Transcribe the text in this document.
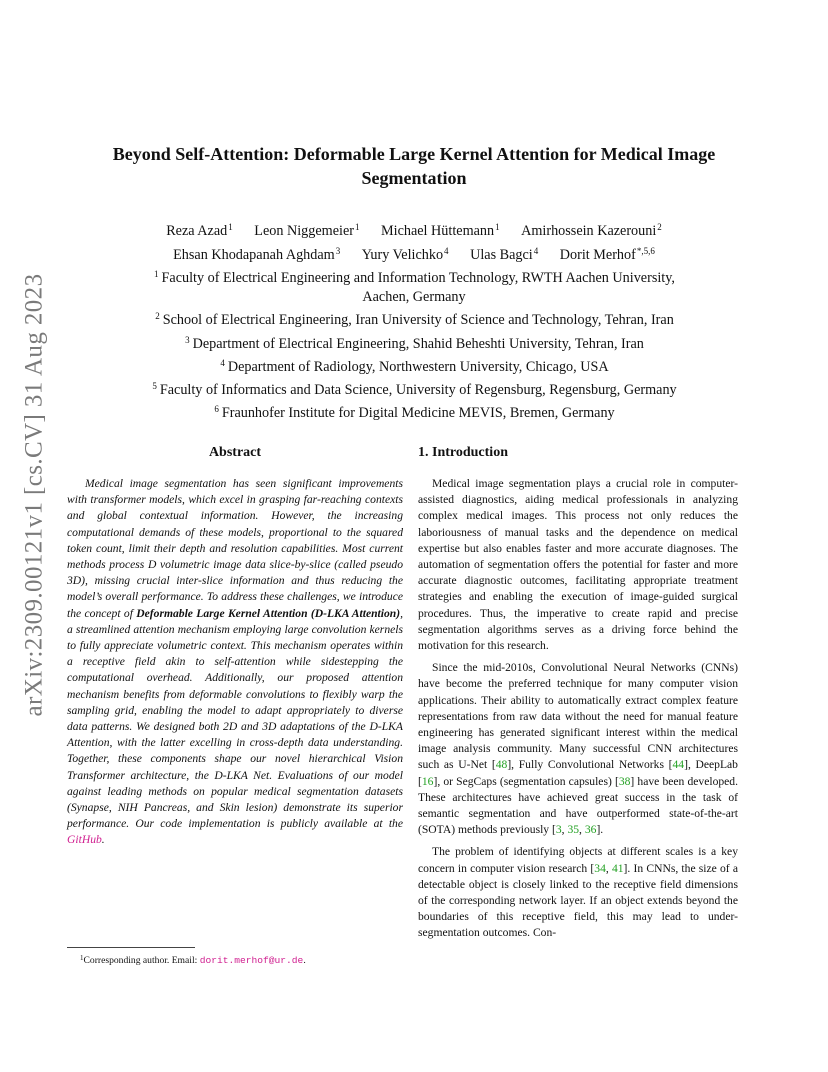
arXiv:2309.00121v1 [cs.CV] 31 Aug 2023
Beyond Self-Attention: Deformable Large Kernel Attention for Medical Image
Segmentation
Reza Azad$^1$ Leon Niggemeier$^1$ Michael Hüttemann$^1$ Amirhossein Kazerouni$^2$
Ehsan Khodapanah Aghdam$^3$ Yury Velichko$^4$ Ulas Bagci$^4$ Dorit Merhof$^{*,5,6}$
$^1$ Faculty of Electrical Engineering and Information Technology, RWTH Aachen University,
Aachen, Germany
$^2$ School of Electrical Engineering, Iran University of Science and Technology, Tehran, Iran
$^3$ Department of Electrical Engineering, Shahid Beheshti University, Tehran, Iran
$^4$ Department of Radiology, Northwestern University, Chicago, USA
$^5$ Faculty of Informatics and Data Science, University of Regensburg, Regensburg, Germany
$^6$ Fraunhofer Institute for Digital Medicine MEVIS, Bremen, Germany
Abstract

Medical image segmentation has seen significant improvements with transformer models, which excel in grasping far-reaching contexts and global contextual information. However, the increasing computational demands of these models, proportional to the squared token count, limit their depth and resolution capabilities. Most current methods process D volumetric image data slice-by-slice (called pseudo 3D), missing crucial inter-slice information and thus reducing the model’s overall performance. To address these challenges, we introduce the concept of Deformable Large Kernel Attention (D-LKA Attention), a streamlined attention mechanism employing large convolution kernels to fully appreciate volumetric context. This mechanism operates within a receptive field akin to self-attention while sidestepping the computational overhead. Additionally, our proposed attention mechanism benefits from deformable convolutions to flexibly warp the sampling grid, enabling the model to adapt appropriately to diverse data patterns. We designed both 2D and 3D adaptations of the D-LKA Attention, with the latter excelling in cross-depth data understanding. Together, these components shape our novel hierarchical Vision Transformer architecture, the D-LKA Net. Evaluations of our model against leading methods on popular medical segmentation datasets (Synapse, NIH Pancreas, and Skin lesion) demonstrate its superior performance. Our code implementation is publicly available at the GitHub.

$^1$Corresponding author. Email: dorit.merhof@ur.de.
1. Introduction

Medical image segmentation plays a crucial role in computer-assisted diagnostics, aiding medical professionals in analyzing complex medical images. This process not only reduces the laboriousness of manual tasks and the dependence on medical expertise but also enables faster and more accurate diagnoses. The automation of segmentation offers the potential for faster and more accurate diagnostic outcomes, facilitating appropriate treatment strategies and enabling the execution of image-guided surgical procedures. Thus, the imperative to create rapid and precise segmentation algorithms serves as a driving force behind the motivation for this research.

Since the mid-2010s, Convolutional Neural Networks (CNNs) have become the preferred technique for many computer vision applications. Their ability to automatically extract complex feature representations from raw data without the need for manual feature engineering has generated significant interest within the medical image analysis community. Many successful CNN architectures such as U-Net [48], Fully Convolutional Networks [44], DeepLab [16], or SegCaps (segmentation capsules) [38] have been developed. These architectures have achieved great success in the task of semantic segmentation and have outperformed state-of-the-art (SOTA) methods previously [3, 35, 36].

The problem of identifying objects at different scales is a key concern in computer vision research [34, 41]. In CNNs, the size of a detectable object is closely linked to the receptive field dimensions of the corresponding network layer. If an object extends beyond the boundaries of this receptive field, this may lead to under-segmentation outcomes. Con-
